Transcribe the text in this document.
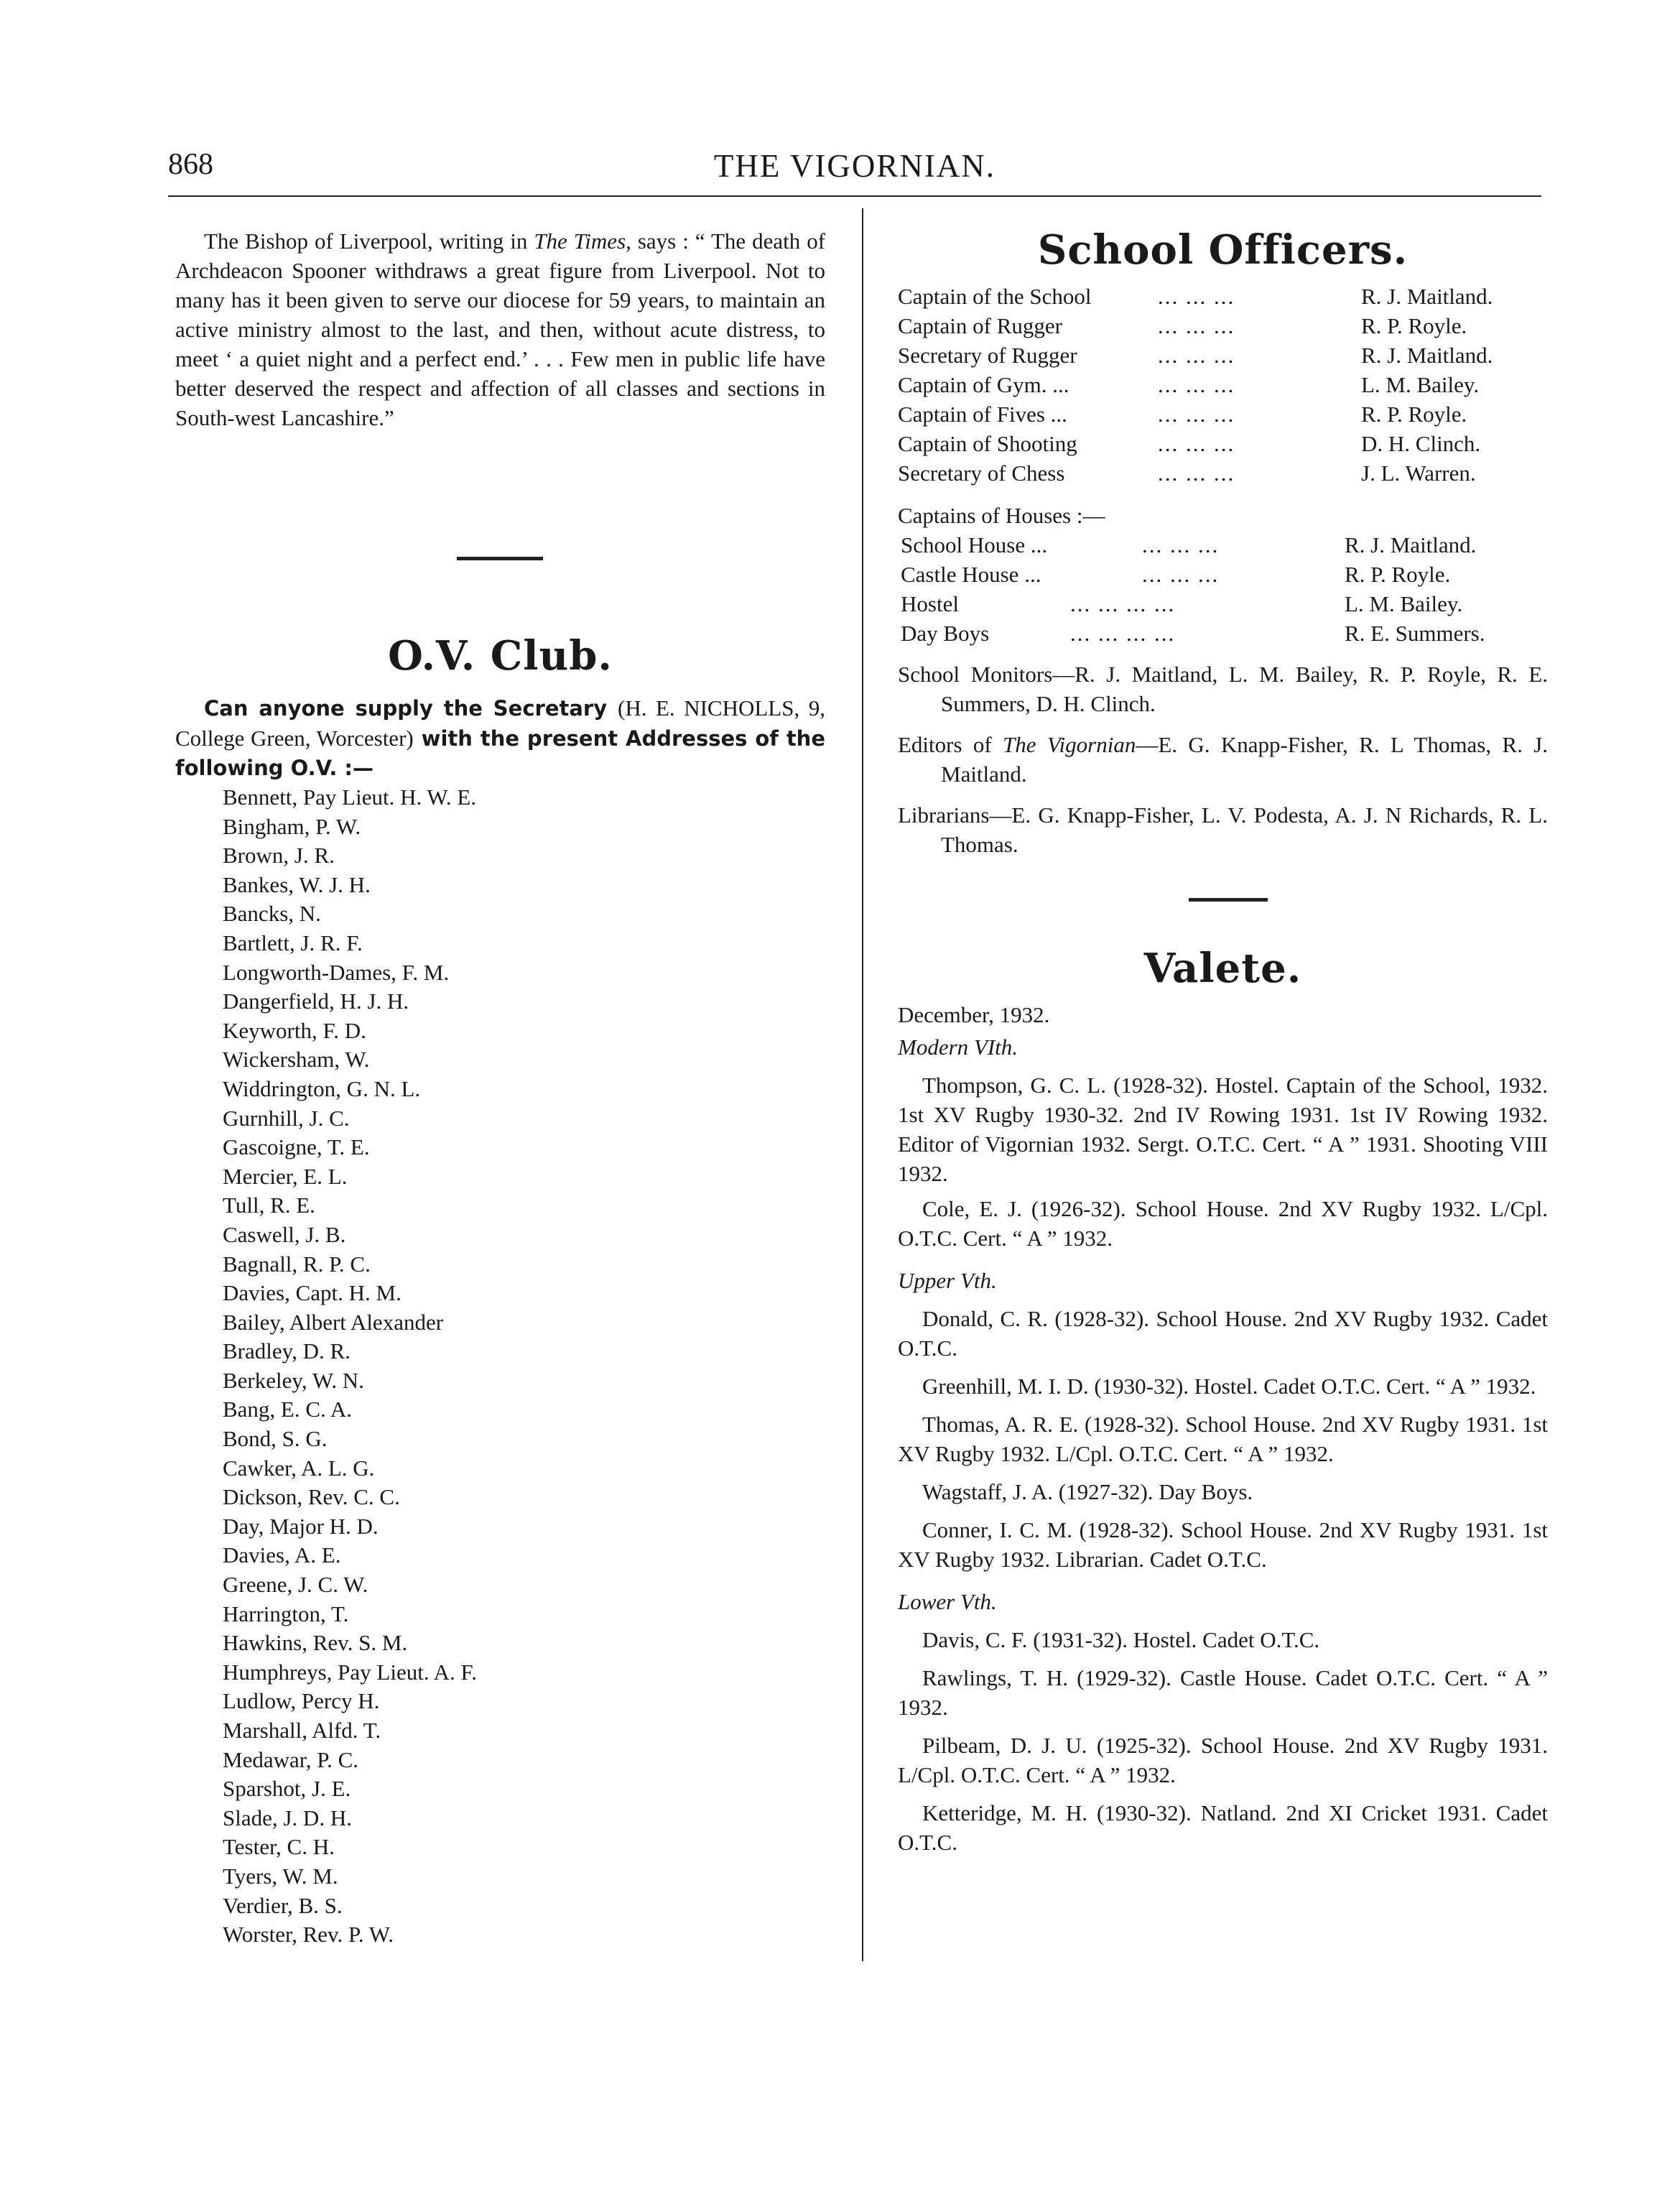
868	THE VIGORNIAN.

The Bishop of Liverpool, writing in The Times, says : “ The death of Archdeacon Spooner withdraws a great figure from Liverpool. Not to many has it been given to serve our diocese for 59 years, to maintain an active ministry almost to the last, and then, without acute distress, to meet ‘ a quiet night and a perfect end.’ . . . Few men in public life have better deserved the respect and affection of all classes and sections in South-west Lancashire.”

O.V. Club.

Can anyone supply the Secretary (H. E. NICHOLLS, 9, College Green, Worcester) with the present Addresses of the following O.V. :—

Bennett, Pay Lieut. H. W. E.
Bingham, P. W.
Brown, J. R.
Bankes, W. J. H.
Bancks, N.
Bartlett, J. R. F.
Longworth-Dames, F. M.
Dangerfield, H. J. H.
Keyworth, F. D.
Wickersham, W.
Widdrington, G. N. L.
Gurnhill, J. C.
Gascoigne, T. E.
Mercier, E. L.
Tull, R. E.
Caswell, J. B.
Bagnall, R. P. C.
Davies, Capt. H. M.
Bailey, Albert Alexander
Bradley, D. R.
Berkeley, W. N.
Bang, E. C. A.
Bond, S. G.
Cawker, A. L. G.
Dickson, Rev. C. C.
Day, Major H. D.
Davies, A. E.
Greene, J. C. W.
Harrington, T.
Hawkins, Rev. S. M.
Humphreys, Pay Lieut. A. F.
Ludlow, Percy H.
Marshall, Alfd. T.
Medawar, P. C.
Sparshot, J. E.
Slade, J. D. H.
Tester, C. H.
Tyers, W. M.
Verdier, B. S.
Worster, Rev. P. W.
School Officers.
Captain of the School	... ... ...	R. J. Maitland.
Captain of Rugger	... ... ...	R. P. Royle.
Secretary of Rugger	... ... ...	R. J. Maitland.
Captain of Gym. ...	... ... ...	L. M. Bailey.
Captain of Fives ...	... ... ...	R. P. Royle.
Captain of Shooting	... ... ...	D. H. Clinch.
Secretary of Chess	... ... ...	J. L. Warren.
Captains of Houses :—
School House ...	... ... ...	R. J. Maitland.
Castle House ...	... ... ...	R. P. Royle.
Hostel	... ... ... ...	L. M. Bailey.
Day Boys	... ... ... ...	R. E. Summers.

School Monitors—R. J. Maitland, L. M. Bailey, R. P. Royle, R. E. Summers, D. H. Clinch.

Editors of The Vigornian—E. G. Knapp-Fisher, R. L Thomas, R. J. Maitland.

Librarians—E. G. Knapp-Fisher, L. V. Podesta, A. J. N Richards, R. L. Thomas.

Valete.
December, 1932.
Modern VIth.

Thompson, G. C. L. (1928-32). Hostel. Captain of the School, 1932. 1st XV Rugby 1930-32. 2nd IV Rowing 1931. 1st IV Rowing 1932. Editor of Vigornian 1932. Sergt. O.T.C. Cert. “ A ” 1931. Shooting VIII 1932.

Cole, E. J. (1926-32). School House. 2nd XV Rugby 1932. L/Cpl. O.T.C. Cert. “ A ” 1932.

Upper Vth.

Donald, C. R. (1928-32). School House. 2nd XV Rugby 1932. Cadet O.T.C.

Greenhill, M. I. D. (1930-32). Hostel. Cadet O.T.C. Cert. “ A ” 1932.

Thomas, A. R. E. (1928-32). School House. 2nd XV Rugby 1931. 1st XV Rugby 1932. L/Cpl. O.T.C. Cert. “ A ” 1932.

Wagstaff, J. A. (1927-32). Day Boys.

Conner, I. C. M. (1928-32). School House. 2nd XV Rugby 1931. 1st XV Rugby 1932. Librarian. Cadet O.T.C.

Lower Vth.

Davis, C. F. (1931-32). Hostel. Cadet O.T.C.

Rawlings, T. H. (1929-32). Castle House. Cadet O.T.C. Cert. “ A ” 1932.

Pilbeam, D. J. U. (1925-32). School House. 2nd XV Rugby 1931. L/Cpl. O.T.C. Cert. “ A ” 1932.

Ketteridge, M. H. (1930-32). Natland. 2nd XI Cricket 1931. Cadet O.T.C.
